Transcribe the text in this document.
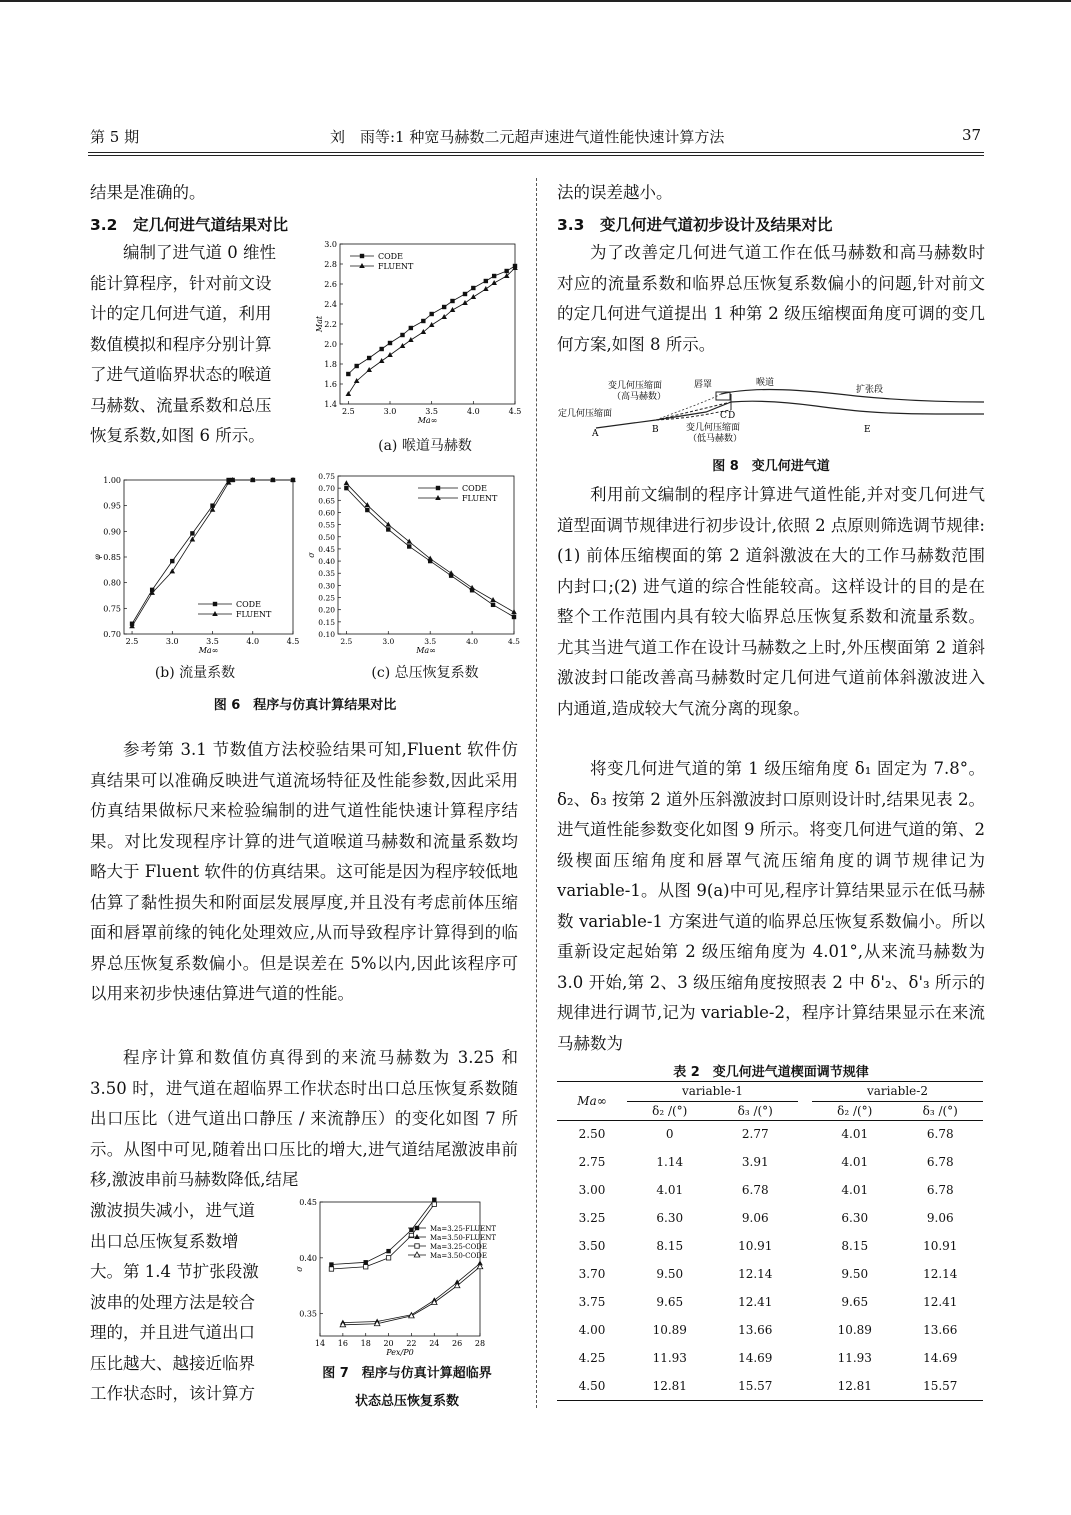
第 5 期	刘　雨等:1 种宽马赫数二元超声速进气道性能快速计算方法	37
结果是准确的。
3.2　定几何进气道结果对比
编制了进气道 0 维性
能计算程序，针对前文设
计的定几何进气道，利用
数值模拟和程序分别计算
了进气道临界状态的喉道
马赫数、流量系数和总压
恢复系数,如图 6 所示。
2.5	3.0	3.5	4.0	4.5
1.4
1.6
1.8
2.0
2.2
2.4
2.6
2.8
3.0
Ma∞
Mat
CODE
FLUENT
(a) 喉道马赫数
2.5	3.0	3.5	4.0	4.5
0.70
0.75
0.80
0.85
0.90
0.95
1.00
Ma∞
φ
CODE
FLUENT
(b) 流量系数
2.5	3.0	3.5	4.0	4.5
0.10
0.15
0.20
0.25
0.30
0.35
0.40
0.45
0.50
0.55
0.60
0.65
0.70
0.75
Ma∞
σ
CODE
FLUENT
(c) 总压恢复系数
图 6　程序与仿真计算结果对比
参考第 3.1 节数值方法校验结果可知,Fluent 软件仿真结果可以准确反映进气道流场特征及性能参数,因此采用仿真结果做标尺来检验编制的进气道性能快速计算程序结果。对比发现程序计算的进气道喉道马赫数和流量系数均略大于 Fluent 软件的仿真结果。这可能是因为程序较低地估算了黏性损失和附面层发展厚度,并且没有考虑前体压缩面和唇罩前缘的钝化处理效应,从而导致程序计算得到的临界总压恢复系数偏小。但是误差在 5%以内,因此该程序可以用来初步快速估算进气道的性能。
程序计算和数值仿真得到的来流马赫数为 3.25 和 3.50 时，进气道在超临界工作状态时出口总压恢复系数随出口压比（进气道出口静压 / 来流静压）的变化如图 7 所示。从图中可见,随着出口压比的增大,进气道结尾激波串前移,激波串前马赫数降低,结尾
激波损失减小，进气道
出口总压恢复系数增
大。第 1.4 节扩张段激
波串的处理方法是较合
理的，并且进气道出口
压比越大、越接近临界
工作状态时，该计算方
14 16 18 20 22 24 26 28
0.35
0.40
0.45
Pex/P0
σ
Ma=3.25-FLUENT
Ma=3.50-FLUENT
Ma=3.25-CODE
Ma=3.50-CODE
图 7　程序与仿真计算超临界
状态总压恢复系数
法的误差越小。
3.3　变几何进气道初步设计及结果对比
为了改善定几何进气道工作在低马赫数和高马赫数时对应的流量系数和临界总压恢复系数偏小的问题,针对前文的定几何进气道提出 1 种第 2 级压缩楔面角度可调的变几何方案,如图 8 所示。
变几何压缩面
（高马赫数）
唇罩	喉道
扩张段
定几何压缩面
变几何压缩面
（低马赫数）
A	B
C D
E
图 8　变几何进气道
利用前文编制的程序计算进气道性能,并对变几何进气道型面调节规律进行初步设计,依照 2 点原则筛选调节规律:(1) 前体压缩楔面的第 2 道斜激波在大的工作马赫数范围内封口;(2) 进气道的综合性能较高。这样设计的目的是在整个工作范围内具有较大临界总压恢复系数和流量系数。尤其当进气道工作在设计马赫数之上时,外压楔面第 2 道斜激波封口能改善高马赫数时定几何进气道前体斜激波进入内通道,造成较大气流分离的现象。
将变几何进气道的第 1 级压缩角度 δ₁ 固定为 7.8°。δ₂、δ₃ 按第 2 道外压斜激波封口原则设计时,结果见表 2。进气道性能参数变化如图 9 所示。将变几何进气道的第、2 级楔面压缩角度和唇罩气流压缩角度的调节规律记为 variable-1。从图 9(a)中可见,程序计算结果显示在低马赫数 variable-1 方案进气道的临界总压恢复系数偏小。所以重新设定起始第 2 级压缩角度为 4.01°,从来流马赫数为 3.0 开始,第 2、3 级压缩角度按照表 2 中 δ'₂、δ'₃ 所示的规律进行调节,记为 variable-2，程序计算结果显示在来流马赫数为
表 2　变几何进气道楔面调节规律
Ma∞	variable-1			variable-2	
	δ₂ /(°)	δ₃ /(°)		δ₂ /(°)	δ₃ /(°)
2.50	0	2.77		4.01	6.78
2.75	1.14	3.91		4.01	6.78
3.00	4.01	6.78		4.01	6.78
3.25	6.30	9.06		6.30	9.06
3.50	8.15	10.91		8.15	10.91
3.70	9.50	12.14		9.50	12.14
3.75	9.65	12.41		9.65	12.41
4.00	10.89	13.66		10.89	13.66
4.25	11.93	14.69		11.93	14.69
4.50	12.81	15.57		12.81	15.57
